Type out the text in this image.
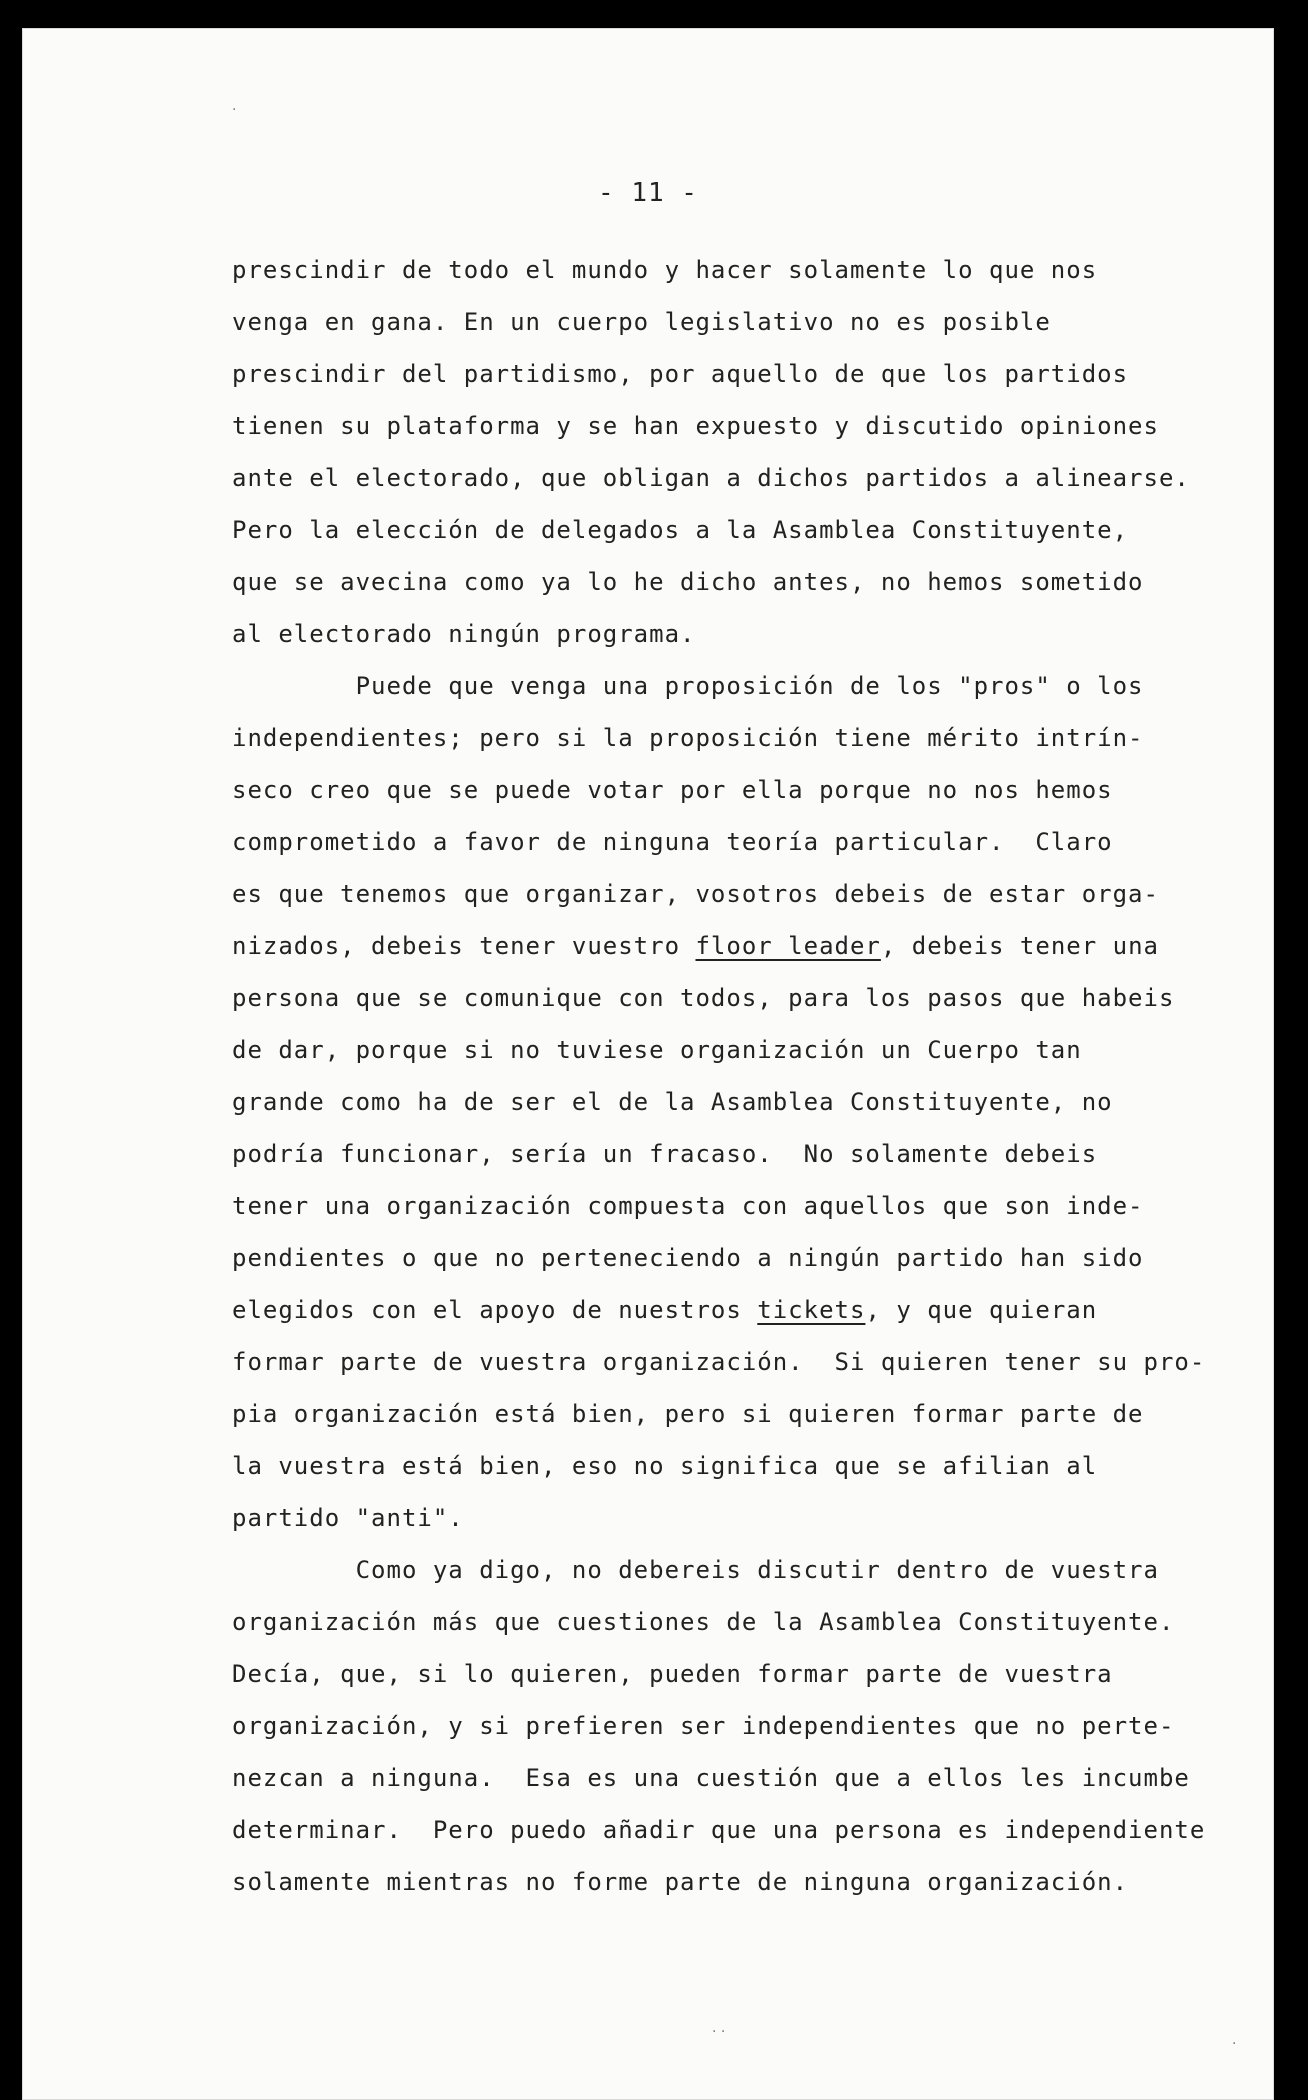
·
- 11 -
prescindir de todo el mundo y hacer solamente lo que nos
venga en gana. En un cuerpo legislativo no es posible
prescindir del partidismo, por aquello de que los partidos
tienen su plataforma y se han expuesto y discutido opiniones
ante el electorado, que obligan a dichos partidos a alinearse.
Pero la elección de delegados a la Asamblea Constituyente,
que se avecina como ya lo he dicho antes, no hemos sometido
al electorado ningún programa.
Puede que venga una proposición de los "pros" o los
independientes; pero si la proposición tiene mérito intrín-
seco creo que se puede votar por ella porque no nos hemos
comprometido a favor de ninguna teoría particular.  Claro
es que tenemos que organizar, vosotros debeis de estar orga-
nizados, debeis tener vuestro floor leader, debeis tener una
persona que se comunique con todos, para los pasos que habeis
de dar, porque si no tuviese organización un Cuerpo tan
grande como ha de ser el de la Asamblea Constituyente, no
podría funcionar, sería un fracaso.  No solamente debeis
tener una organización compuesta con aquellos que son inde-
pendientes o que no perteneciendo a ningún partido han sido
elegidos con el apoyo de nuestros tickets, y que quieran
formar parte de vuestra organización.  Si quieren tener su pro-
pia organización está bien, pero si quieren formar parte de
la vuestra está bien, eso no significa que se afilian al
partido "anti".
Como ya digo, no debereis discutir dentro de vuestra
organización más que cuestiones de la Asamblea Constituyente.
Decía, que, si lo quieren, pueden formar parte de vuestra
organización, y si prefieren ser independientes que no perte-
nezcan a ninguna.  Esa es una cuestión que a ellos les incumbe
determinar.  Pero puedo añadir que una persona es independiente
solamente mientras no forme parte de ninguna organización.
· ·
·
